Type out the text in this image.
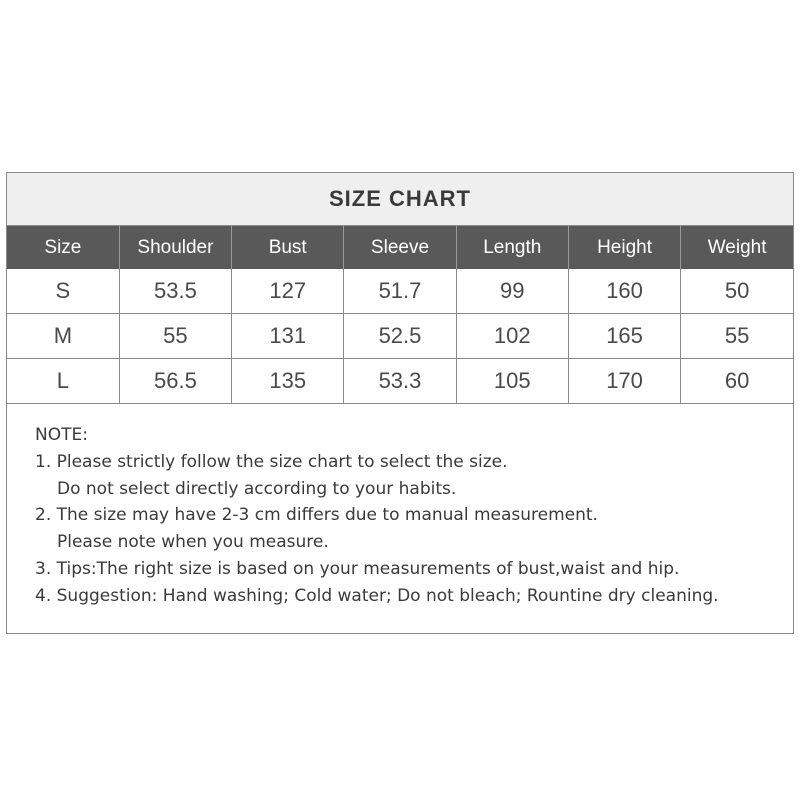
SIZE CHART
Size	Shoulder	Bust	Sleeve	Length	Height	Weight
S	53.5	127	51.7	99	160	50
M	55	131	52.5	102	165	55
L	56.5	135	53.3	105	170	60
NOTE:
1. Please strictly follow the size chart to select the size.
Do not select directly according to your habits.
2. The size may have 2-3 cm differs due to manual measurement.
Please note when you measure.
3. Tips:The right size is based on your measurements of bust,waist and hip.
4. Suggestion: Hand washing; Cold water; Do not bleach; Rountine dry cleaning.
